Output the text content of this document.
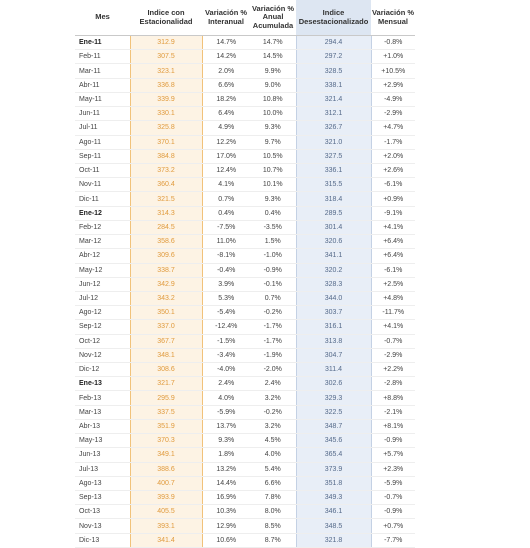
Mes	Indice con Estacionalidad	Variación % Interanual	Variación % Anual Acumulada	Indice Desestacionalizado	Variación % Mensual
Ene-11	312.9	14.7%	14.7%	294.4	-0.8%
Feb-11	307.5	14.2%	14.5%	297.2	+1.0%
Mar-11	323.1	2.0%	9.9%	328.5	+10.5%
Abr-11	336.8	6.6%	9.0%	338.1	+2.9%
May-11	339.9	18.2%	10.8%	321.4	-4.9%
Jun-11	330.1	6.4%	10.0%	312.1	-2.9%
Jul-11	325.8	4.9%	9.3%	326.7	+4.7%
Ago-11	370.1	12.2%	9.7%	321.0	-1.7%
Sep-11	384.8	17.0%	10.5%	327.5	+2.0%
Oct-11	373.2	12.4%	10.7%	336.1	+2.6%
Nov-11	360.4	4.1%	10.1%	315.5	-6.1%
Dic-11	321.5	0.7%	9.3%	318.4	+0.9%
Ene-12	314.3	0.4%	0.4%	289.5	-9.1%
Feb-12	284.5	-7.5%	-3.5%	301.4	+4.1%
Mar-12	358.6	11.0%	1.5%	320.6	+6.4%
Abr-12	309.6	-8.1%	-1.0%	341.1	+6.4%
May-12	338.7	-0.4%	-0.9%	320.2	-6.1%
Jun-12	342.9	3.9%	-0.1%	328.3	+2.5%
Jul-12	343.2	5.3%	0.7%	344.0	+4.8%
Ago-12	350.1	-5.4%	-0.2%	303.7	-11.7%
Sep-12	337.0	-12.4%	-1.7%	316.1	+4.1%
Oct-12	367.7	-1.5%	-1.7%	313.8	-0.7%
Nov-12	348.1	-3.4%	-1.9%	304.7	-2.9%
Dic-12	308.6	-4.0%	-2.0%	311.4	+2.2%
Ene-13	321.7	2.4%	2.4%	302.6	-2.8%
Feb-13	295.9	4.0%	3.2%	329.3	+8.8%
Mar-13	337.5	-5.9%	-0.2%	322.5	-2.1%
Abr-13	351.9	13.7%	3.2%	348.7	+8.1%
May-13	370.3	9.3%	4.5%	345.6	-0.9%
Jun-13	349.1	1.8%	4.0%	365.4	+5.7%
Jul-13	388.6	13.2%	5.4%	373.9	+2.3%
Ago-13	400.7	14.4%	6.6%	351.8	-5.9%
Sep-13	393.9	16.9%	7.8%	349.3	-0.7%
Oct-13	405.5	10.3%	8.0%	346.1	-0.9%
Nov-13	393.1	12.9%	8.5%	348.5	+0.7%
Dic-13	341.4	10.6%	8.7%	321.8	-7.7%
